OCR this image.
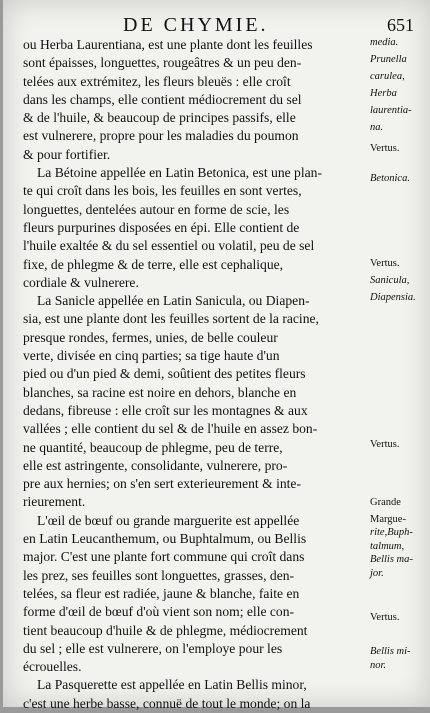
DE CHYMIE.	651

ou Herba Laurentiana, est une plante dont les feuilles
sont épaisses, longuettes, rougeâtres & un peu den-
telées aux extrémitez, les fleurs bleuës : elle croît
dans les champs, elle contient médiocrement du sel
& de l'huile, & beaucoup de principes passifs, elle
est vulnerere, propre pour les maladies du poumon
& pour fortifier.

La Bétoine appellée en Latin Betonica, est une plan-
te qui croît dans les bois, les feuilles en sont vertes,
longuettes, dentelées autour en forme de scie, les
fleurs purpurines disposées en épi. Elle contient de
l'huile exaltée & du sel essentiel ou volatil, peu de sel
fixe, de phlegme & de terre, elle est cephalique,
cordiale & vulnerere.

La Sanicle appellée en Latin Sanicula, ou Diapen-
sia, est une plante dont les feuilles sortent de la racine,
presque rondes, fermes, unies, de belle couleur
verte, divisée en cinq parties; sa tige haute d'un
pied ou d'un pied & demi, soûtient des petites fleurs
blanches, sa racine est noire en dehors, blanche en
dedans, fibreuse : elle croît sur les montagnes & aux
vallées ; elle contient du sel & de l'huile en assez bon-
ne quantité, beaucoup de phlegme, peu de terre,
elle est astringente, consolidante, vulnerere, pro-
pre aux hernies; on s'en sert exterieurement & inte-
rieurement.

L'œil de bœuf ou grande marguerite est appellée
en Latin Leucanthemum, ou Buphtalmum, ou Bellis
major. C'est une plante fort commune qui croît dans
les prez, ses feuilles sont longuettes, grasses, den-
telées, sa fleur est radiée, jaune & blanche, faite en
forme d'œil de bœuf d'où vient son nom; elle con-
tient beaucoup d'huile & de phlegme, médiocrement
du sel ; elle est vulnerere, on l'employe pour les
écrouelles.

La Pasquerette est appellée en Latin Bellis minor,
c'est une herbe basse, connuë de tout le monde; on la

media.
Prunella
carulea,
Herba
laurentia-
na.
Vertus.
Betonica.
Vertus.
Sanicula,
Diapensia.
Vertus.
Grande
Margue-
rite,Buph-
talmum,
Bellis ma-
jor.
Vertus.
Bellis mi-
nor.
